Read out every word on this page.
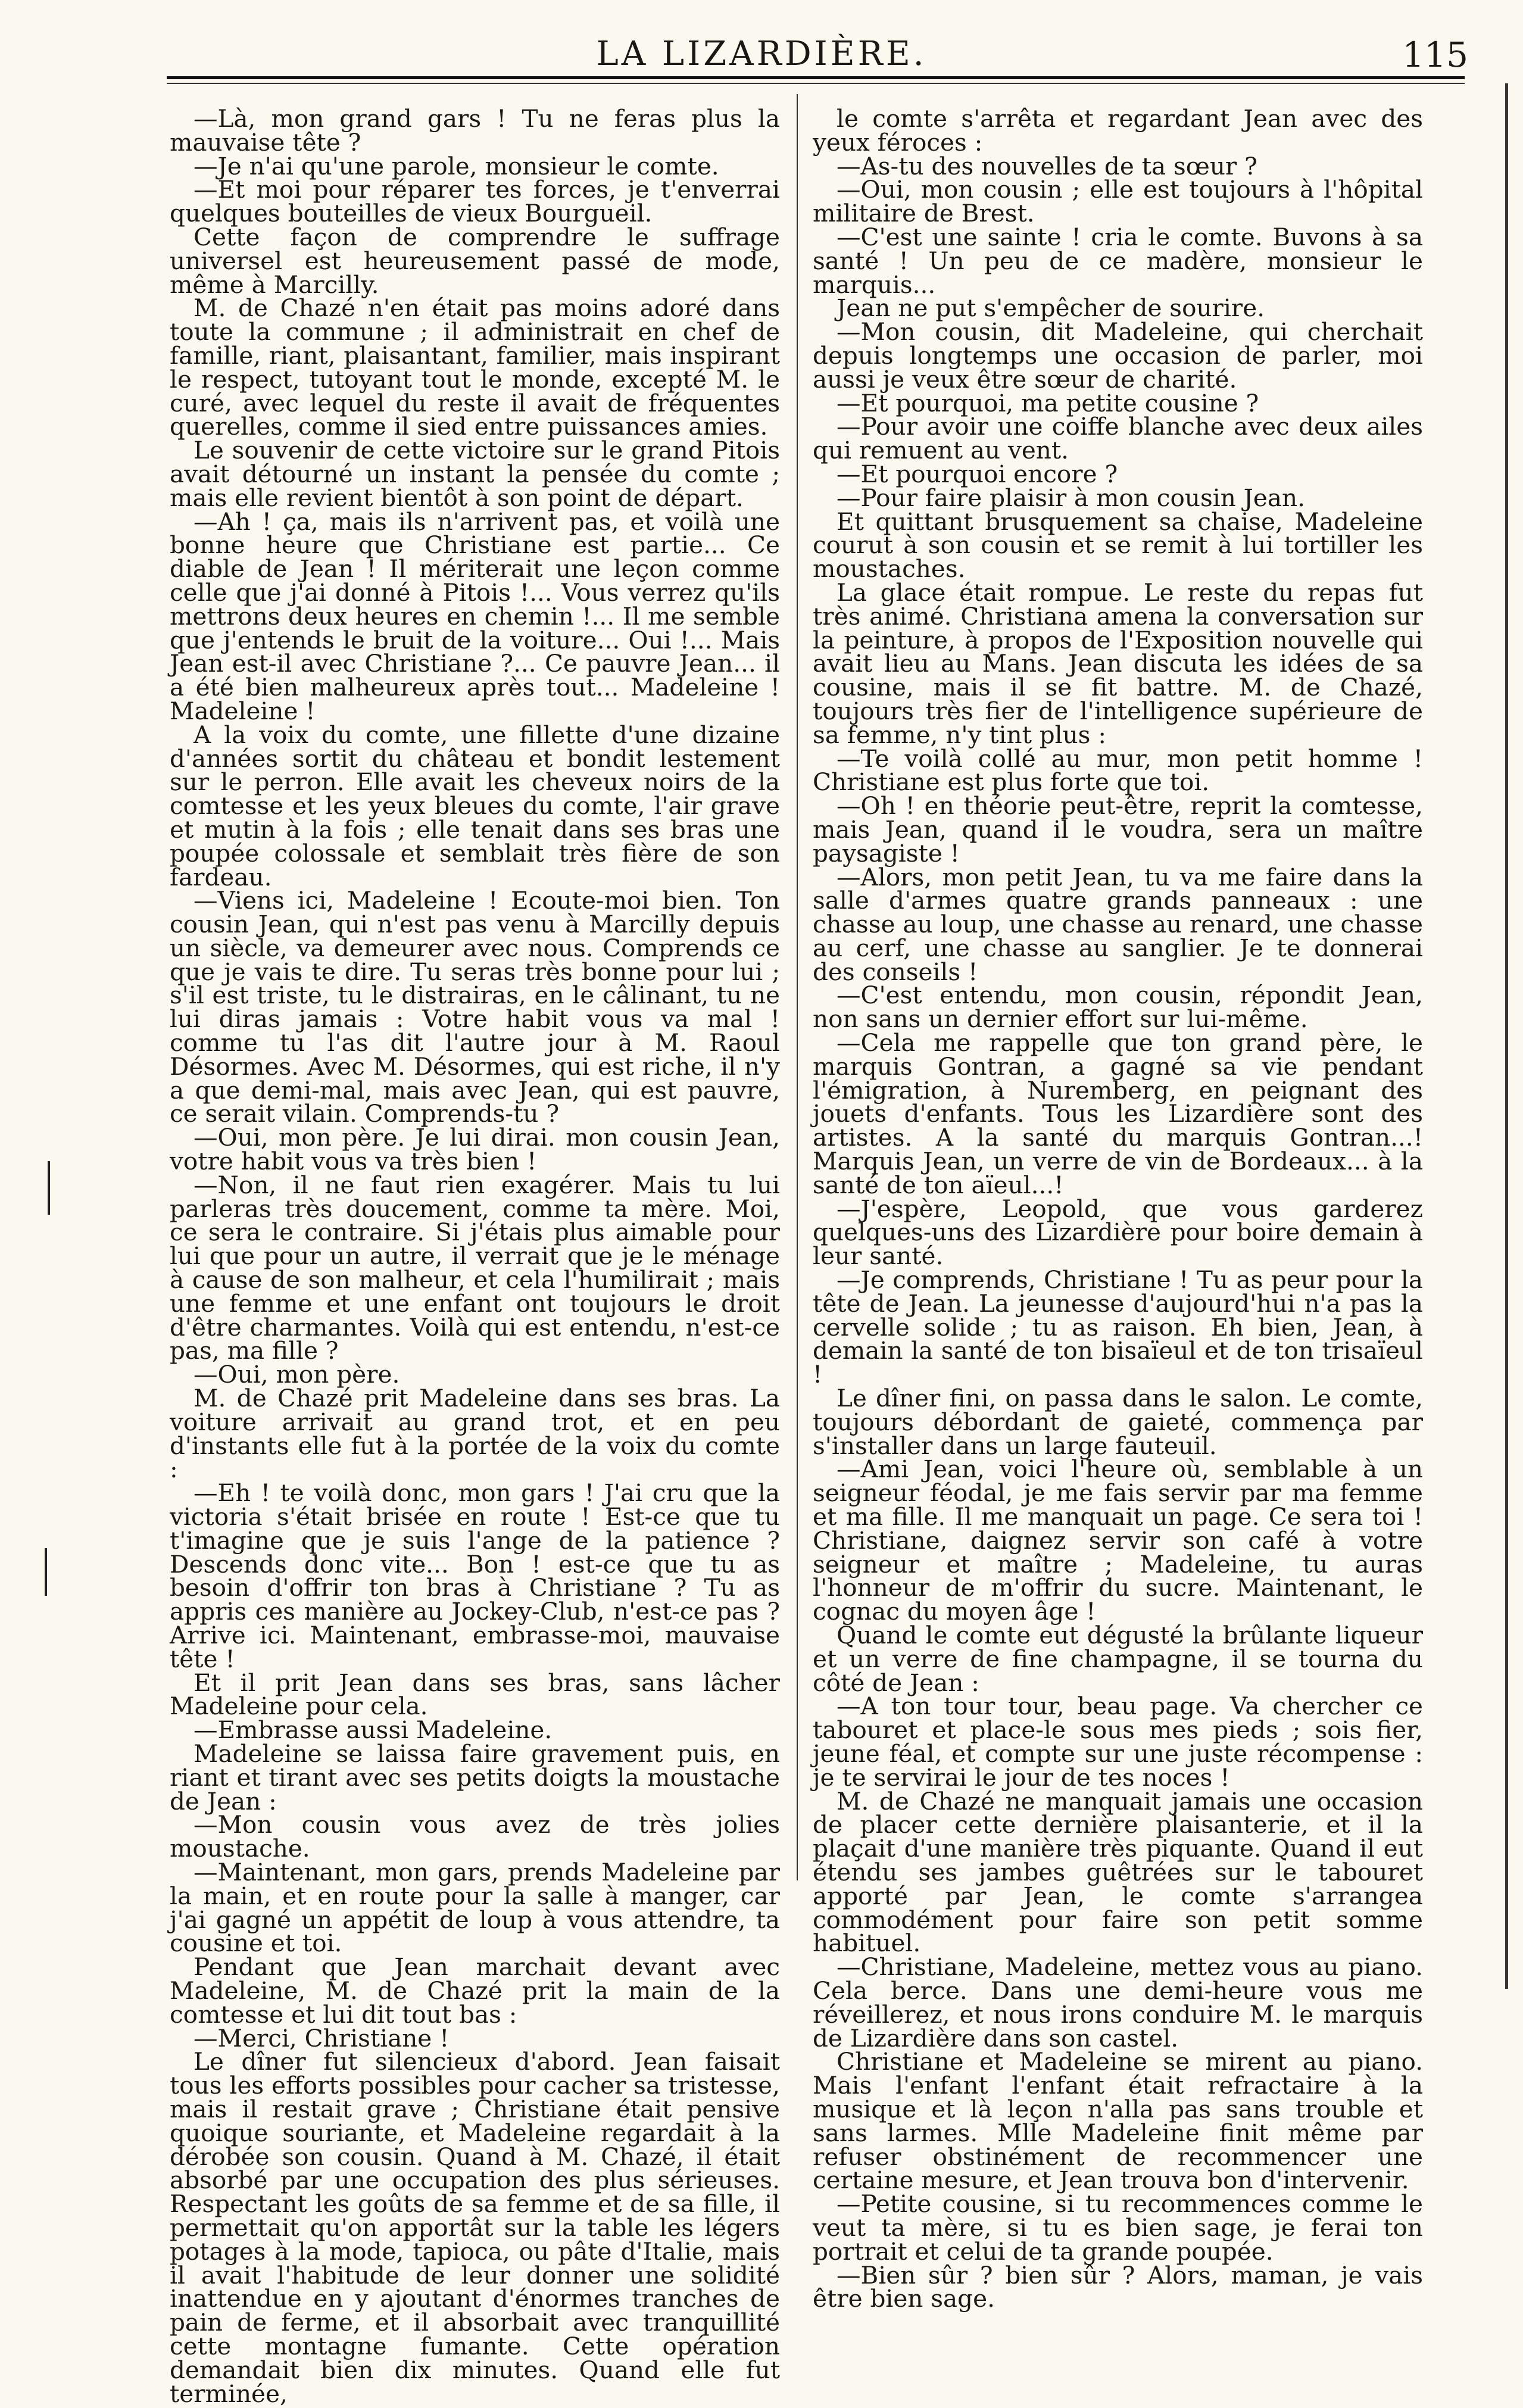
LA LIZARDIÈRE.	115

—Là, mon grand gars ! Tu ne feras plus la mauvaise tête ?

—Je n'ai qu'une parole, monsieur le comte.

—Et moi pour réparer tes forces, je t'enverrai quelques bouteilles de vieux Bourgueil.

Cette façon de comprendre le suffrage universel est heureusement passé de mode, même à Marcilly.

M. de Chazé n'en était pas moins adoré dans toute la commune ; il administrait en chef de famille, riant, plaisantant, familier, mais inspirant le respect, tutoyant tout le monde, excepté M. le curé, avec lequel du reste il avait de fréquentes querelles, comme il sied entre puissances amies.

Le souvenir de cette victoire sur le grand Pitois avait détourné un instant la pensée du comte ; mais elle revient bientôt à son point de départ.

—Ah ! ça, mais ils n'arrivent pas, et voilà une bonne heure que Christiane est partie... Ce diable de Jean ! Il mériterait une leçon comme celle que j'ai donné à Pitois !... Vous verrez qu'ils mettrons deux heures en chemin !... Il me semble que j'entends le bruit de la voiture... Oui !... Mais Jean est-il avec Christiane ?... Ce pauvre Jean... il a été bien malheureux après tout... Madeleine ! Madeleine !

A la voix du comte, une fillette d'une dizaine d'années sortit du château et bondit lestement sur le perron. Elle avait les cheveux noirs de la comtesse et les yeux bleues du comte, l'air grave et mutin à la fois ; elle tenait dans ses bras une poupée colossale et semblait très fière de son fardeau.

—Viens ici, Madeleine ! Ecoute-moi bien. Ton cousin Jean, qui n'est pas venu à Marcilly depuis un siècle, va demeurer avec nous. Comprends ce que je vais te dire. Tu seras très bonne pour lui ; s'il est triste, tu le distrairas, en le câlinant, tu ne lui diras jamais : Votre habit vous va mal ! comme tu l'as dit l'autre jour à M. Raoul Désormes. Avec M. Désormes, qui est riche, il n'y a que demi-mal, mais avec Jean, qui est pauvre, ce serait vilain. Comprends-tu ?

—Oui, mon père. Je lui dirai. mon cousin Jean, votre habit vous va très bien !

—Non, il ne faut rien exagérer. Mais tu lui parleras très doucement, comme ta mère. Moi, ce sera le contraire. Si j'étais plus aimable pour lui que pour un autre, il verrait que je le ménage à cause de son malheur, et cela l'humilirait ; mais une femme et une enfant ont toujours le droit d'être charmantes. Voilà qui est entendu, n'est-ce pas, ma fille ?

—Oui, mon père.

M. de Chazé prit Madeleine dans ses bras. La voiture arrivait au grand trot, et en peu d'instants elle fut à la portée de la voix du comte :

—Eh ! te voilà donc, mon gars ! J'ai cru que la victoria s'était brisée en route ! Est-ce que tu t'imagine que je suis l'ange de la patience ? Descends donc vite... Bon ! est-ce que tu as besoin d'offrir ton bras à Christiane ? Tu as appris ces manière au Jockey-Club, n'est-ce pas ? Arrive ici. Maintenant, embrasse-moi, mauvaise tête !

Et il prit Jean dans ses bras, sans lâcher Madeleine pour cela.

—Embrasse aussi Madeleine.

Madeleine se laissa faire gravement puis, en riant et tirant avec ses petits doigts la moustache de Jean :

—Mon cousin vous avez de très jolies moustache.

—Maintenant, mon gars, prends Madeleine par la main, et en route pour la salle à manger, car j'ai gagné un appétit de loup à vous attendre, ta cousine et toi.

Pendant que Jean marchait devant avec Madeleine, M. de Chazé prit la main de la comtesse et lui dit tout bas :

—Merci, Christiane !

Le dîner fut silencieux d'abord. Jean faisait tous les efforts possibles pour cacher sa tristesse, mais il restait grave ; Christiane était pensive quoique souriante, et Madeleine regardait à la dérobée son cousin. Quand à M. Chazé, il était absorbé par une occupation des plus sérieuses. Respectant les goûts de sa femme et de sa fille, il permettait qu'on apportât sur la table les légers potages à la mode, tapioca, ou pâte d'Italie, mais il avait l'habitude de leur donner une solidité inattendue en y ajoutant d'énormes tranches de pain de ferme, et il absorbait avec tranquillité cette montagne fumante. Cette opération demandait bien dix minutes. Quand elle fut terminée,

le comte s'arrêta et regardant Jean avec des yeux féroces :

—As-tu des nouvelles de ta sœur ?

—Oui, mon cousin ; elle est toujours à l'hôpital militaire de Brest.

—C'est une sainte ! cria le comte. Buvons à sa santé ! Un peu de ce madère, monsieur le marquis...

Jean ne put s'empêcher de sourire.

—Mon cousin, dit Madeleine, qui cherchait depuis longtemps une occasion de parler, moi aussi je veux être sœur de charité.

—Et pourquoi, ma petite cousine ?

—Pour avoir une coiffe blanche avec deux ailes qui remuent au vent.

—Et pourquoi encore ?

—Pour faire plaisir à mon cousin Jean.

Et quittant brusquement sa chaise, Madeleine courut à son cousin et se remit à lui tortiller les moustaches.

La glace était rompue. Le reste du repas fut très animé. Christiana amena la conversation sur la peinture, à propos de l'Exposition nouvelle qui avait lieu au Mans. Jean discuta les idées de sa cousine, mais il se fit battre. M. de Chazé, toujours très fier de l'intelligence supérieure de sa femme, n'y tint plus :

—Te voilà collé au mur, mon petit homme ! Christiane est plus forte que toi.

—Oh ! en théorie peut-être, reprit la comtesse, mais Jean, quand il le voudra, sera un maître paysagiste !

—Alors, mon petit Jean, tu va me faire dans la salle d'armes quatre grands panneaux : une chasse au loup, une chasse au renard, une chasse au cerf, une chasse au sanglier. Je te donnerai des conseils !

—C'est entendu, mon cousin, répondit Jean, non sans un dernier effort sur lui-même.

—Cela me rappelle que ton grand père, le marquis Gontran, a gagné sa vie pendant l'émigration, à Nuremberg, en peignant des jouets d'enfants. Tous les Lizardière sont des artistes. A la santé du marquis Gontran...! Marquis Jean, un verre de vin de Bordeaux... à la santé de ton aïeul...!

—J'espère, Leopold, que vous garderez quelques-uns des Lizardière pour boire demain à leur santé.

—Je comprends, Christiane ! Tu as peur pour la tête de Jean. La jeunesse d'aujourd'hui n'a pas la cervelle solide ; tu as raison. Eh bien, Jean, à demain la santé de ton bisaïeul et de ton trisaïeul !

Le dîner fini, on passa dans le salon. Le comte, toujours débordant de gaieté, commença par s'installer dans un large fauteuil.

—Ami Jean, voici l'heure où, semblable à un seigneur féodal, je me fais servir par ma femme et ma fille. Il me manquait un page. Ce sera toi ! Christiane, daignez servir son café à votre seigneur et maître ; Madeleine, tu auras l'honneur de m'offrir du sucre. Maintenant, le cognac du moyen âge !

Quand le comte eut dégusté la brûlante liqueur et un verre de fine champagne, il se tourna du côté de Jean :

—A ton tour tour, beau page. Va chercher ce tabouret et place-le sous mes pieds ; sois fier, jeune féal, et compte sur une juste récompense : je te servirai le jour de tes noces !

M. de Chazé ne manquait jamais une occasion de placer cette dernière plaisanterie, et il la plaçait d'une manière très piquante. Quand il eut étendu ses jambes guêtrées sur le tabouret apporté par Jean, le comte s'arrangea commodément pour faire son petit somme habituel.

—Christiane, Madeleine, mettez vous au piano. Cela berce. Dans une demi-heure vous me réveillerez, et nous irons conduire M. le marquis de Lizardière dans son castel.

Christiane et Madeleine se mirent au piano. Mais l'enfant l'enfant était refractaire à la musique et là leçon n'alla pas sans trouble et sans larmes. Mlle Madeleine finit même par refuser obstinément de recommencer une certaine mesure, et Jean trouva bon d'intervenir.

—Petite cousine, si tu recommences comme le veut ta mère, si tu es bien sage, je ferai ton portrait et celui de ta grande poupée.

—Bien sûr ? bien sûr ? Alors, maman, je vais être bien sage.
